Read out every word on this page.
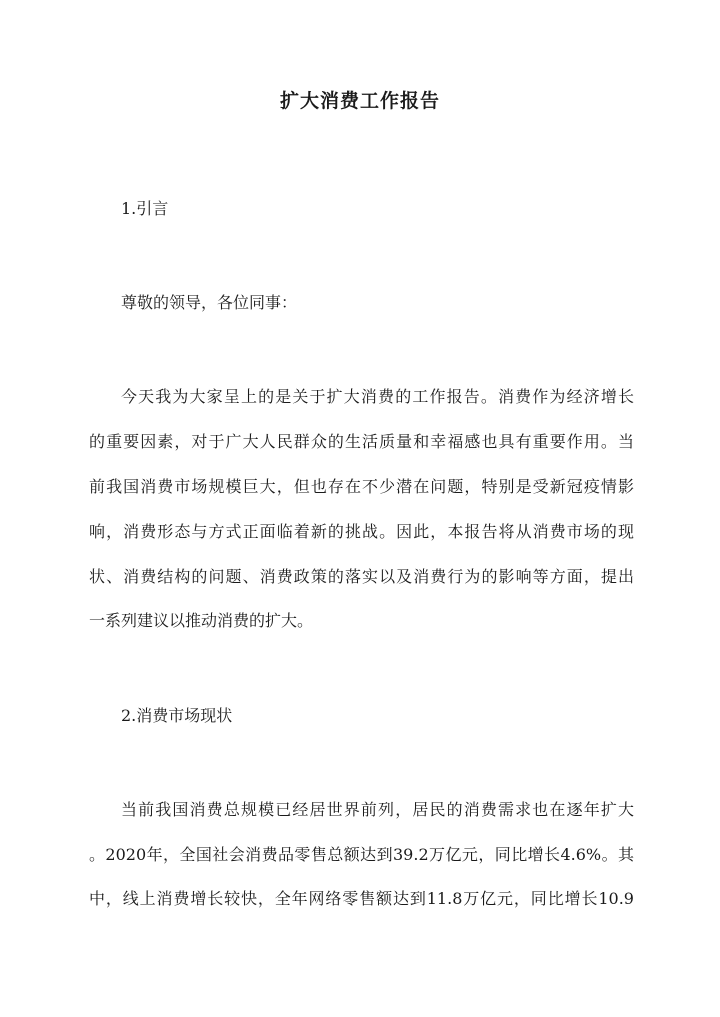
扩大消费工作报告
1.引言
尊敬的领导，各位同事：
今天我为大家呈上的是关于扩大消费的工作报告。消费作为经济增长
的重要因素，对于广大人民群众的生活质量和幸福感也具有重要作用。当
前我国消费市场规模巨大，但也存在不少潜在问题，特别是受新冠疫情影
响，消费形态与方式正面临着新的挑战。因此，本报告将从消费市场的现
状、消费结构的问题、消费政策的落实以及消费行为的影响等方面，提出
一系列建议以推动消费的扩大。
2.消费市场现状
当前我国消费总规模已经居世界前列，居民的消费需求也在逐年扩大
。2020年，全国社会消费品零售总额达到39.2万亿元，同比增长4.6%。其
中，线上消费增长较快，全年网络零售额达到11.8万亿元，同比增长10.9
